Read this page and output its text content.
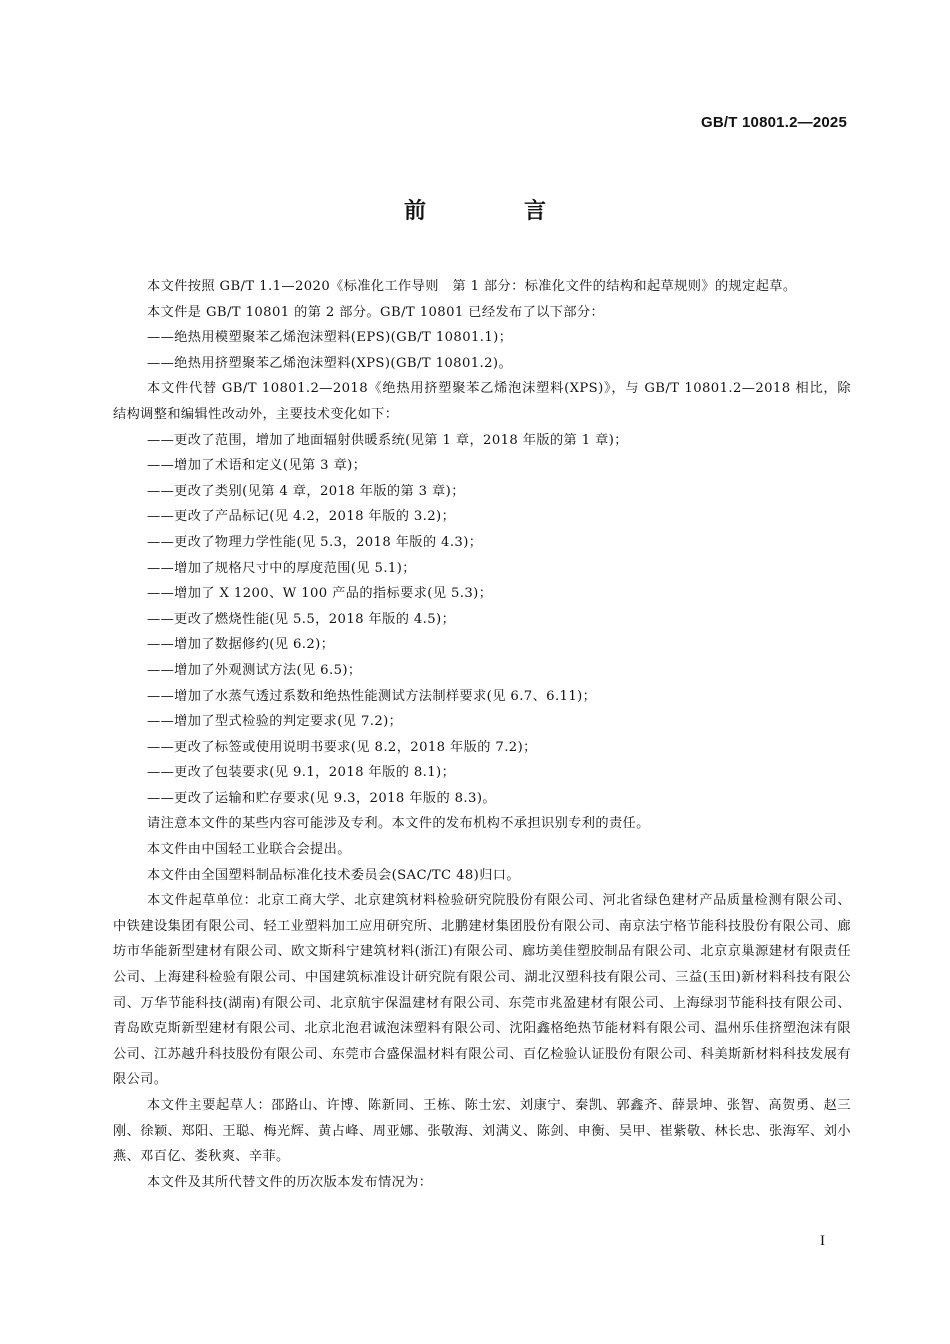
GB/T 10801.2—2025
前　言

本文件按照 GB/T 1.1—2020《标准化工作导则　第 1 部分：标准化文件的结构和起草规则》的规定起草。

本文件是 GB/T 10801 的第 2 部分。GB/T 10801 已经发布了以下部分：

——绝热用模塑聚苯乙烯泡沫塑料(EPS)(GB/T 10801.1)；

——绝热用挤塑聚苯乙烯泡沫塑料(XPS)(GB/T 10801.2)。

本文件代替 GB/T 10801.2—2018《绝热用挤塑聚苯乙烯泡沫塑料(XPS)》，与 GB/T 10801.2—2018 相比，除结构调整和编辑性改动外，主要技术变化如下：

——更改了范围，增加了地面辐射供暖系统(见第 1 章，2018 年版的第 1 章)；

——增加了术语和定义(见第 3 章)；

——更改了类别(见第 4 章，2018 年版的第 3 章)；

——更改了产品标记(见 4.2，2018 年版的 3.2)；

——更改了物理力学性能(见 5.3，2018 年版的 4.3)；

——增加了规格尺寸中的厚度范围(见 5.1)；

——增加了 X 1200、W 100 产品的指标要求(见 5.3)；

——更改了燃烧性能(见 5.5，2018 年版的 4.5)；

——增加了数据修约(见 6.2)；

——增加了外观测试方法(见 6.5)；

——增加了水蒸气透过系数和绝热性能测试方法制样要求(见 6.7、6.11)；

——增加了型式检验的判定要求(见 7.2)；

——更改了标签或使用说明书要求(见 8.2，2018 年版的 7.2)；

——更改了包装要求(见 9.1，2018 年版的 8.1)；

——更改了运输和贮存要求(见 9.3，2018 年版的 8.3)。

请注意本文件的某些内容可能涉及专利。本文件的发布机构不承担识别专利的责任。

本文件由中国轻工业联合会提出。

本文件由全国塑料制品标准化技术委员会(SAC/TC 48)归口。

本文件起草单位：北京工商大学、北京建筑材料检验研究院股份有限公司、河北省绿色建材产品质量检测有限公司、中铁建设集团有限公司、轻工业塑料加工应用研究所、北鹏建材集团股份有限公司、南京法宁格节能科技股份有限公司、廊坊市华能新型建材有限公司、欧文斯科宁建筑材料(浙江)有限公司、廊坊美佳塑胶制品有限公司、北京京巢源建材有限责任公司、上海建科检验有限公司、中国建筑标准设计研究院有限公司、湖北汉塑科技有限公司、三益(玉田)新材料科技有限公司、万华节能科技(湖南)有限公司、北京航宇保温建材有限公司、东莞市兆盈建材有限公司、上海绿羽节能科技有限公司、青岛欧克斯新型建材有限公司、北京北泡君诚泡沫塑料有限公司、沈阳鑫格绝热节能材料有限公司、温州乐佳挤塑泡沫有限公司、江苏越升科技股份有限公司、东莞市合盛保温材料有限公司、百亿检验认证股份有限公司、科美斯新材料科技发展有限公司。

本文件主要起草人：邵路山、许博、陈新同、王栋、陈士宏、刘康宁、秦凯、郭鑫齐、薛景坤、张智、高贺勇、赵三刚、徐颖、郑阳、王聪、梅光辉、黄占峰、周亚娜、张敬海、刘满义、陈剑、申衡、吴甲、崔紫敬、林长忠、张海军、刘小燕、邓百亿、娄秋爽、辛菲。

本文件及其所代替文件的历次版本发布情况为：

I
